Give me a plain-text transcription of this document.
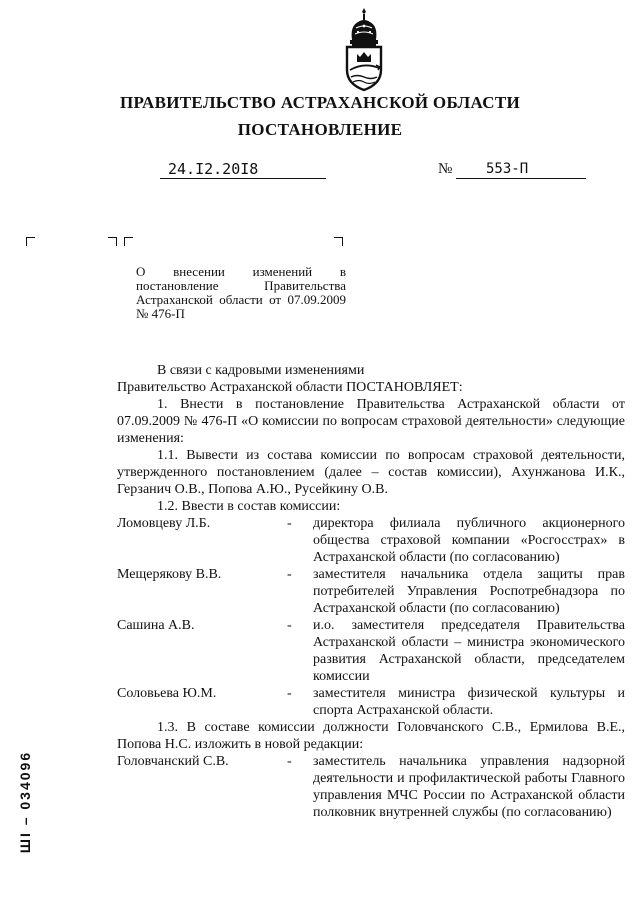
ПРАВИТЕЛЬСТВО АСТРАХАНСКОЙ ОБЛАСТИ
ПОСТАНОВЛЕНИЕ
24.I2.20I8	№	553-П
О внесении изменений в постановление Правительства Астраханской области от 07.09.2009 № 476-П

В связи с кадровыми изменениями

Правительство Астраханской области ПОСТАНОВЛЯЕТ:

1. Внести в постановление Правительства Астраханской области от 07.09.2009 № 476-П «О комиссии по вопросам страховой деятельности» следующие изменения:

1.1. Вывести из состава комиссии по вопросам страховой деятельности, утвержденного постановлением (далее – состав комиссии), Ахунжанова И.К., Герзанич О.В., Попова А.Ю., Русейкину О.В.

1.2. Ввести в состав комиссии:

Ломовцеву Л.Б.	-	директора филиала публичного акционерного общества страховой компании «Росгосстрах» в Астраханской области (по согласованию)
Мещерякову В.В.	-	заместителя начальника отдела защиты прав потребителей Управления Роспотребнадзора по Астраханской области (по согласованию)
Сашина А.В.	-	и.о. заместителя председателя Правительства Астраханской области – министра экономического развития Астраханской области, председателем комиссии
Соловьева Ю.М.	-	заместителя министра физической культуры и спорта Астраханской области.

1.3. В составе комиссии должности Головчанского С.В., Ермилова В.Е., Попова Н.С. изложить в новой редакции:

Головчанский С.В.	-	заместитель начальника управления надзорной деятельности и профилактической работы Главного управления МЧС России по Астраханской области полковник внутренней службы (по согласованию)
ШI – 034096
